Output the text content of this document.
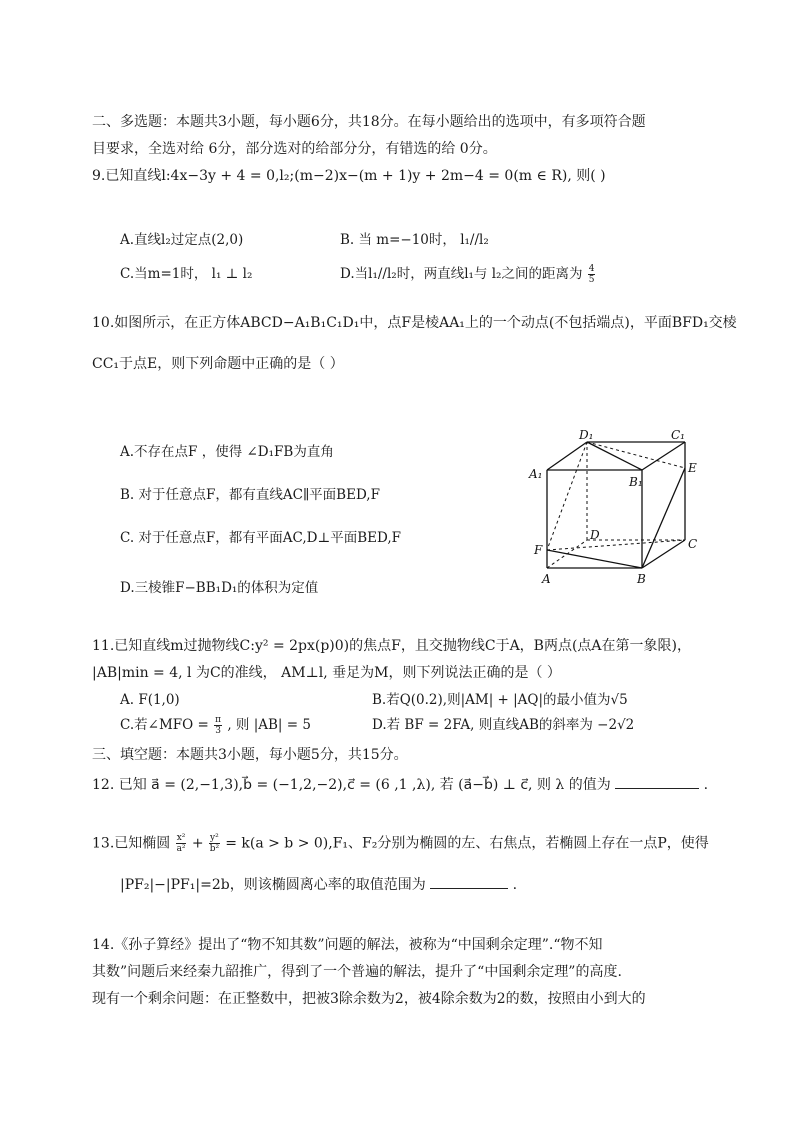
二、多选题：本题共3小题，每小题6分，共18分。在每小题给出的选项中，有多项符合题
目要求，全选对给 6分，部分选对的给部分分，有错选的给 0分。
9.已知直线l:4x−3y + 4 = 0,l₂;(m−2)x−(m + 1)y + 2m−4 = 0(m ∈ R), 则( )
A.直线l₂过定点(2,0)	B. 当 m=−10时， l₁//l₂
C.当m=1时， l₁ ⊥ l₂	D.当l₁//l₂时，两直线l₁与 l₂之间的距离为 $\frac{4}{5}$
10.如图所示，在正方体ABCD−A₁B₁C₁D₁中，点F是棱AA₁上的一个动点(不包括端点)，平面BFD₁交棱
CC₁于点E，则下列命题中正确的是（ ）
A.不存在点F ，使得 ∠D₁FB为直角
B. 对于任意点F，都有直线AC∥平面BED,F
C. 对于任意点F，都有平面AC,D⊥平面BED,F
D.三棱锥F−BB₁D₁的体积为定值
D₁	C₁
A₁
B₁
E
D
C
F
A	B
11.已知直线m过抛物线C:y² = 2px(p)0)的焦点F，且交抛物线C于A，B两点(点A在第一象限)，
|AB|min = 4, l 为C的准线， AM⊥l, 垂足为M，则下列说法正确的是（ ）
A. F(1,0)	B.若Q(0.2),则|AM| + |AQ|的最小值为√5
C.若∠MFO = $\frac{\pi}{3}$ , 则 |AB| = 5	D.若 BF = 2FA, 则直线AB的斜率为 −2√2
三、填空题：本题共3小题，每小题5分，共15分。
12. 已知 a⃗ = (2,−1,3),b⃗ = (−1,2,−2),c⃗ = (6 ,1 ,λ), 若 (a⃗−b⃗) ⊥ c⃗, 则 λ 的值为	.
13.已知椭圆 $\frac{\text{x²}}{\text{a²}} + \frac{\text{y²}}{\text{b²}} = k(a > b > 0),F_1$、F₂分别为椭圆的左、右焦点，若椭圆上存在一点P，使得
|PF₂|−|PF₁|=2b，则该椭圆离心率的取值范围为	.
14.《孙子算经》提出了“物不知其数”问题的解法，被称为“中国剩余定理”.“物不知
其数”问题后来经秦九韶推广，得到了一个普遍的解法，提升了“中国剩余定理”的高度.
现有一个剩余问题：在正整数中，把被3除余数为2，被4除余数为2的数，按照由小到大的
